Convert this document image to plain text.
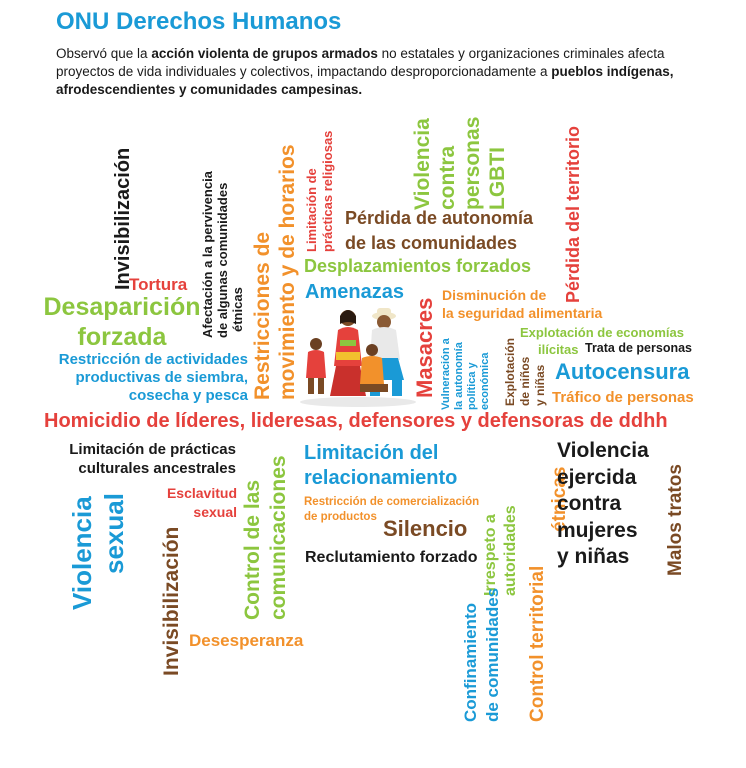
ONU Derechos Humanos

Observó que la acción violenta de grupos armados no estatales y organizaciones criminales afecta proyectos de vida individuales y colectivos, impactando desproporcionadamente a pueblos indígenas, afrodescendientes y comunidades campesinas.

Invisibilización	Afectación a la pervivencia de algunas comunidades étnicas Restricciones de movimiento y de horarios Limitación de prácticas religiosas	Violencia contra personas LGBTI	Pérdida del territorio
Masacres Vulneración a la autonomía política y económica Explotación de niños y niñas
Violencia sexual Invisibilización	Control de las comunicaciones	Irrespeto a autoridades
Control territorial
étnicas	Malos tratos
Confinamiento de comunidades
Pérdida de autonomía
de las comunidades
Tortura
Desaparición
forzada
Desplazamientos forzados
Amenazas	Disminución de
la seguridad alimentaria
Explotación de economías
ilícitas Trata de personas
Restricción de actividades
productivas de siembra,
cosecha y pesca
Autocensura
Tráfico de personas
Homicidio de líderes, lideresas, defensores y defensoras de ddhh
Limitación de prácticas
culturales ancestrales
Esclavitud
sexual
Limitación del
relacionamiento
Restricción de comercialización
de productos Silencio
Reclutamiento forzado
Violencia
ejercida
contra
mujeres
y niñas
Desesperanza
